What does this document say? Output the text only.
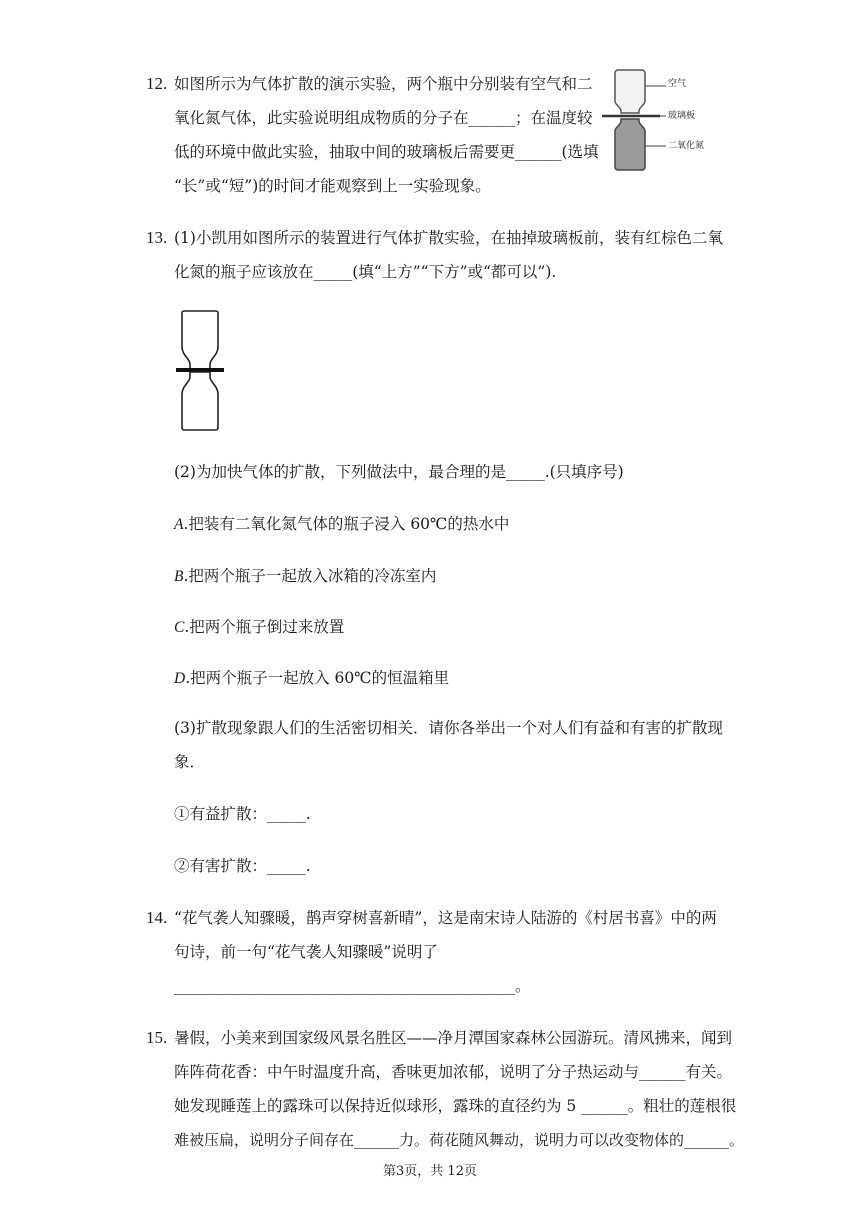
12. 如图所示为气体扩散的演示实验，两个瓶中分别装有空气和二
氧化氮气体，此实验说明组成物质的分子在______；在温度较
低的环境中做此实验，抽取中间的玻璃板后需要更______(选填
“长”或“短”)的时间才能观察到上一实验现象。
空气
玻璃板
二氧化氮
13. (1)小凯用如图所示的装置进行气体扩散实验，在抽掉玻璃板前，装有红棕色二氧
化氮的瓶子应该放在_____(填“上方”“下方”或“都可以”).
(2)为加快气体的扩散，下列做法中，最合理的是_____.(只填序号)
A.把装有二氧化氮气体的瓶子浸入 60℃的热水中
B.把两个瓶子一起放入冰箱的冷冻室内
C.把两个瓶子倒过来放置
D.把两个瓶子一起放入 60℃的恒温箱里
(3)扩散现象跟人们的生活密切相关．请你各举出一个对人们有益和有害的扩散现
象．
①有益扩散：_____.
②有害扩散：_____.
14. “花气袭人知骤暖，鹊声穿树喜新晴”，这是南宋诗人陆游的《村居书喜》中的两
句诗，前一句“花气袭人知骤暖”说明了
____________________________________________。
15. 暑假，小美来到国家级风景名胜区——净月潭国家森林公园游玩。清风拂来，闻到
阵阵荷花香：中午时温度升高，香味更加浓郁，说明了分子热运动与______有关。
她发现睡莲上的露珠可以保持近似球形，露珠的直径约为 5 ______。粗壮的莲根很
难被压扁，说明分子间存在______力。荷花随风舞动，说明力可以改变物体的______。
第3页，共 12页
